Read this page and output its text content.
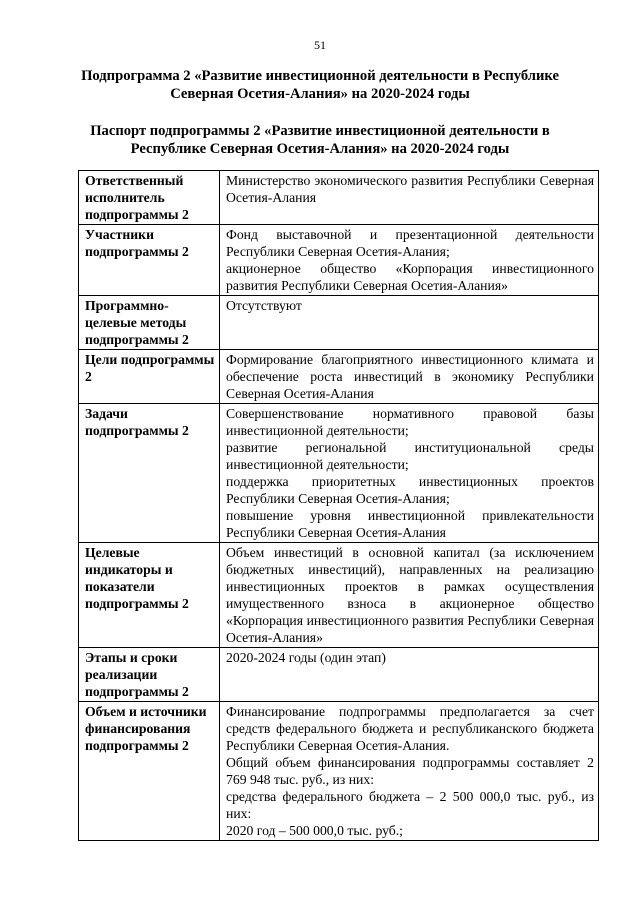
51
Подпрограмма 2 «Развитие инвестиционной деятельности в Республике Северная Осетия-Алания» на 2020-2024 годы
Паспорт подпрограммы 2 «Развитие инвестиционной деятельности в Республике Северная Осетия-Алания» на 2020-2024 годы
Ответственный исполнитель подпрограммы 2	Министерство экономического развития Республики Северная Осетия-Алания

Участники подпрограммы 2	Фонд выставочной и презентационной деятельности Республики Северная Осетия-Алания;
акционерное общество «Корпорация инвестиционного развития Республики Северная Осетия-Алания»

Программно-целевые методы подпрограммы 2	Отсутствуют

Цели подпрограммы 2	Формирование благоприятного инвестиционного климата и обеспечение роста инвестиций в экономику Республики Северная Осетия-Алания

Задачи подпрограммы 2	Совершенствование нормативного правовой базы инвестиционной деятельности;
развитие региональной институциональной среды инвестиционной деятельности;
поддержка приоритетных инвестиционных проектов Республики Северная Осетия-Алания;
повышение уровня инвестиционной привлекательности Республики Северная Осетия-Алания

Целевые индикаторы и показатели подпрограммы 2	Объем инвестиций в основной капитал (за исключением бюджетных инвестиций), направленных на реализацию инвестиционных проектов в рамках осуществления имущественного взноса в акционерное общество «Корпорация инвестиционного развития Республики Северная Осетия-Алания»

Этапы и сроки реализации подпрограммы 2	2020-2024 годы (один этап)

Объем и источники финансирования подпрограммы 2	Финансирование подпрограммы предполагается за счет средств федерального бюджета и республиканского бюджета Республики Северная Осетия-Алания.
Общий объем финансирования подпрограммы составляет 2 769 948 тыс. руб., из них:
средства федерального бюджета – 2 500 000,0 тыс. руб., из них:
2020 год – 500 000,0 тыс. руб.;
